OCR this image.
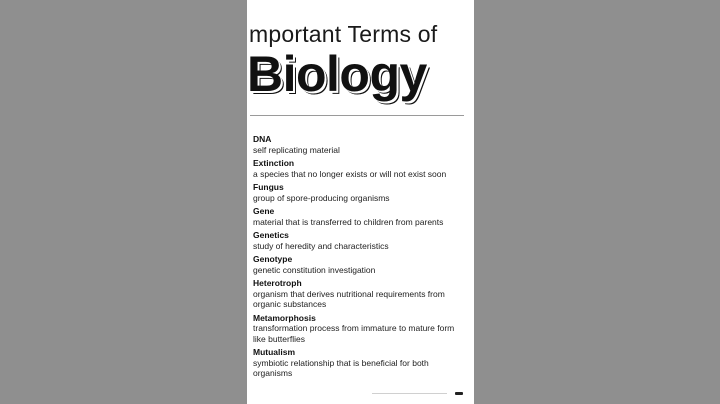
mportant Terms of
Biology
DNA
self replicating material
Extinction
a species that no longer exists or will not exist soon
Fungus
group of spore-producing organisms
Gene
material that is transferred to children from parents
Genetics
study of heredity and characteristics
Genotype
genetic constitution investigation
Heterotroph
organism that derives nutritional requirements from organic substances
Metamorphosis
transformation process from immature to mature form like butterflies
Mutualism
symbiotic relationship that is beneficial for both organisms
